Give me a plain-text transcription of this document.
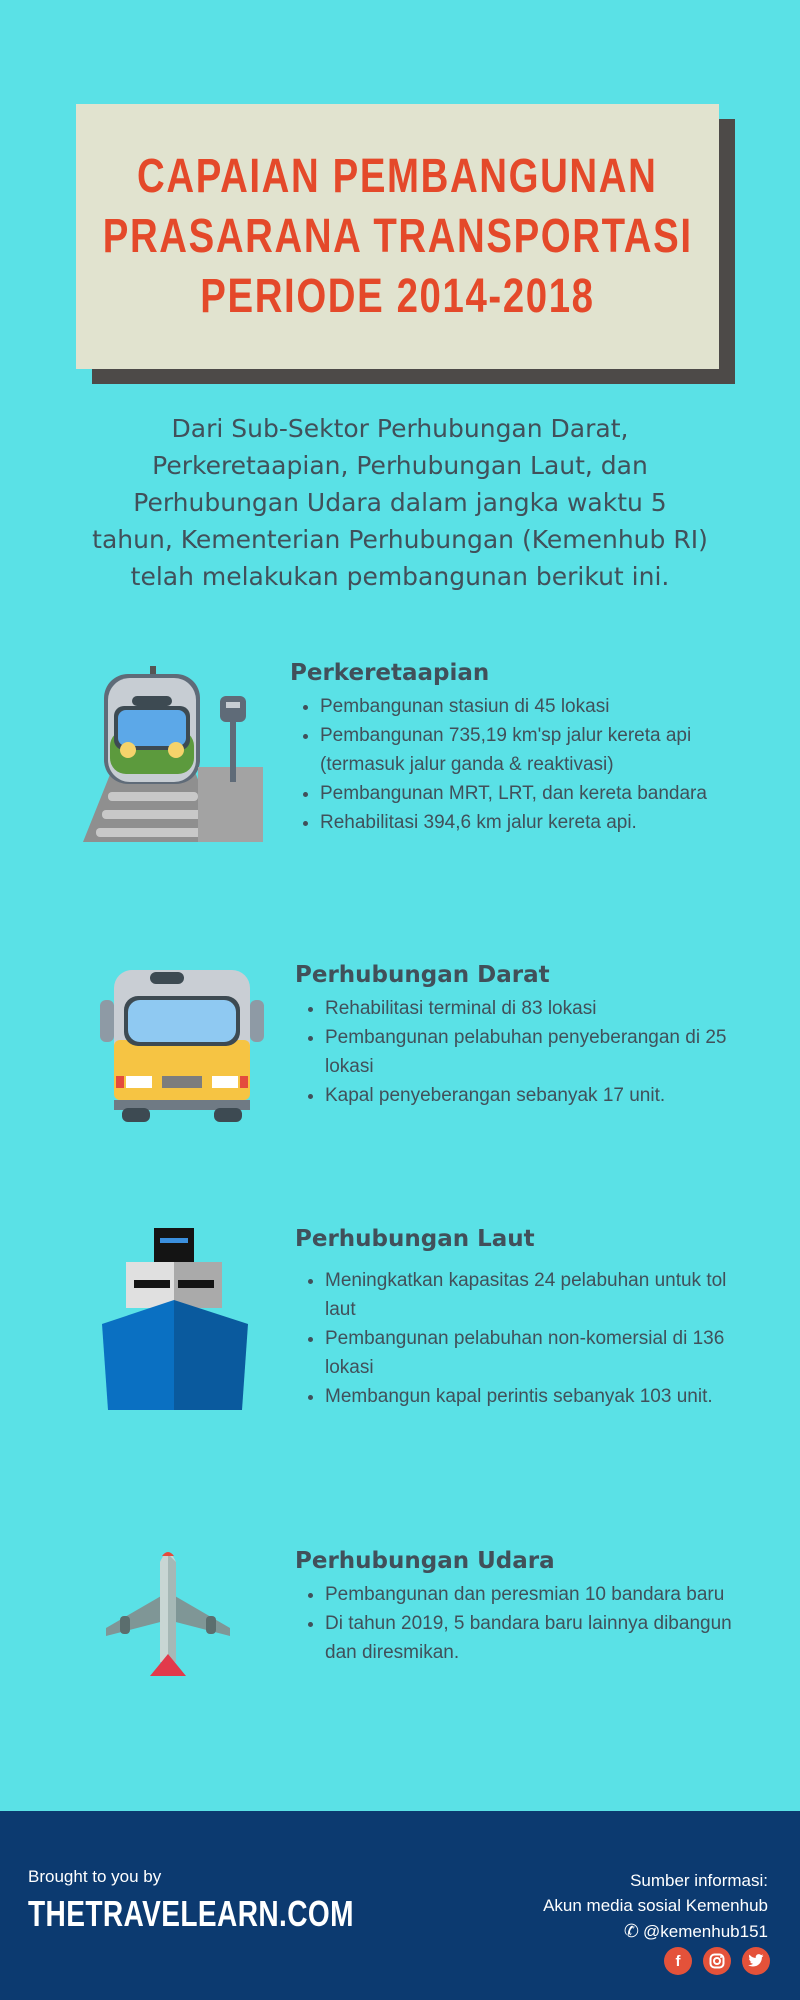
CAPAIAN PEMBANGUNAN
PRASARANA TRANSPORTASI
PERIODE 2014-2018
Dari Sub-Sektor Perhubungan Darat, Perkeretaapian, Perhubungan Laut, dan Perhubungan Udara dalam jangka waktu 5 tahun, Kementerian Perhubungan (Kemenhub RI) telah melakukan pembangunan berikut ini.
Perkeretaapian
• Pembangunan stasiun di 45 lokasi
• Pembangunan 735,19 km'sp jalur kereta api (termasuk jalur ganda & reaktivasi)
• Pembangunan MRT, LRT, dan kereta bandara
• Rehabilitasi 394,6 km jalur kereta api.
Perhubungan Darat
• Rehabilitasi terminal di 83 lokasi
• Pembangunan pelabuhan penyeberangan di 25 lokasi
• Kapal penyeberangan sebanyak 17 unit.
Perhubungan Laut
• Meningkatkan kapasitas 24 pelabuhan untuk tol laut
• Pembangunan pelabuhan non-komersial di 136 lokasi
• Membangun kapal perintis sebanyak 103 unit.
Perhubungan Udara
• Pembangunan dan peresmian 10 bandara baru
• Di tahun 2019, 5 bandara baru lainnya dibangun dan diresmikan.
Brought to you by
THETRAVELEARN.COM
Sumber informasi:
Akun media sosial Kemenhub
✆ @kemenhub151
f
